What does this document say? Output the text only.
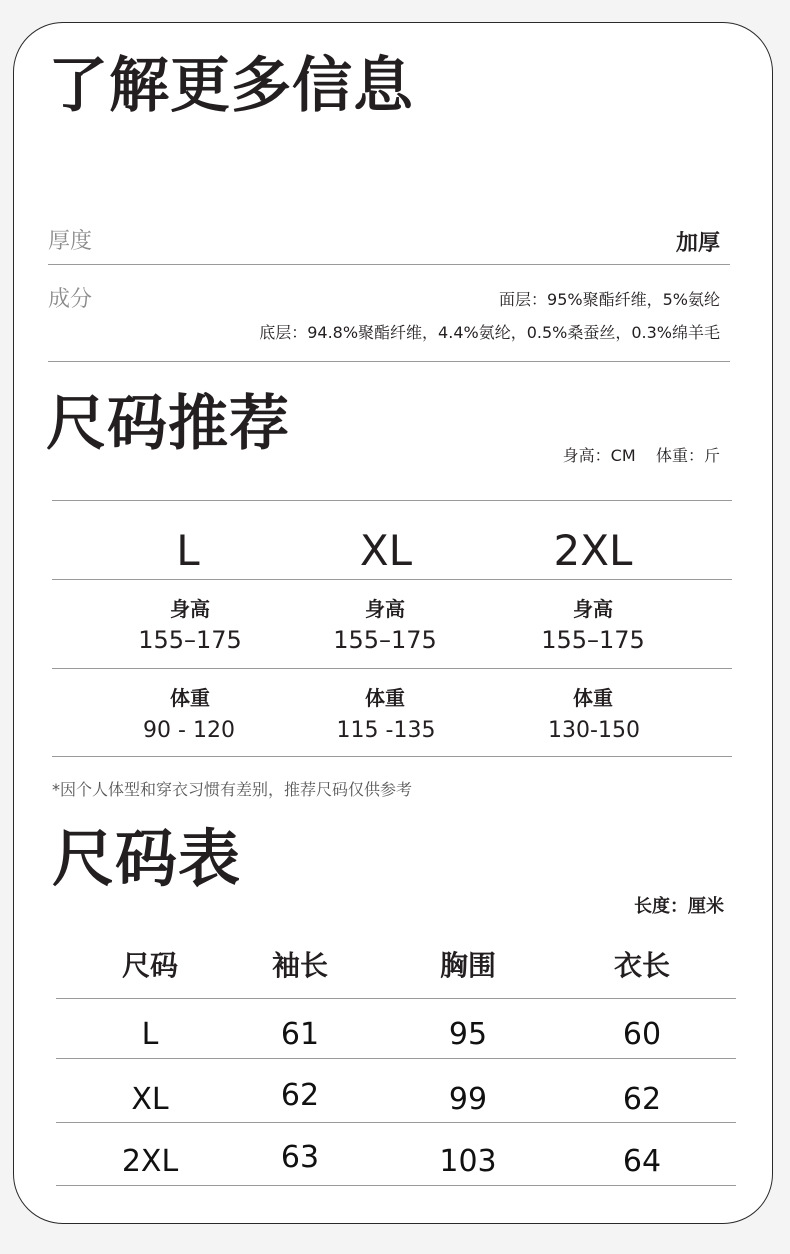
了解更多信息
厚度	加厚
成分	面层：95%聚酯纤维，5%氨纶
底层：94.8%聚酯纤维，4.4%氨纶，0.5%桑蚕丝，0.3%绵羊毛
尺码推荐	身高：CM    体重：斤
L	XL	2XL
身高	身高	身高
155–175	155–175	155–175
体重	体重	体重
90 - 120	115 -135	130-150
*因个人体型和穿衣习惯有差别，推荐尺码仅供参考
尺码表
长度：厘米
尺码	袖长	胸围	衣长
L	61	95	60
XL	62	99	62
2XL	63	103	64
